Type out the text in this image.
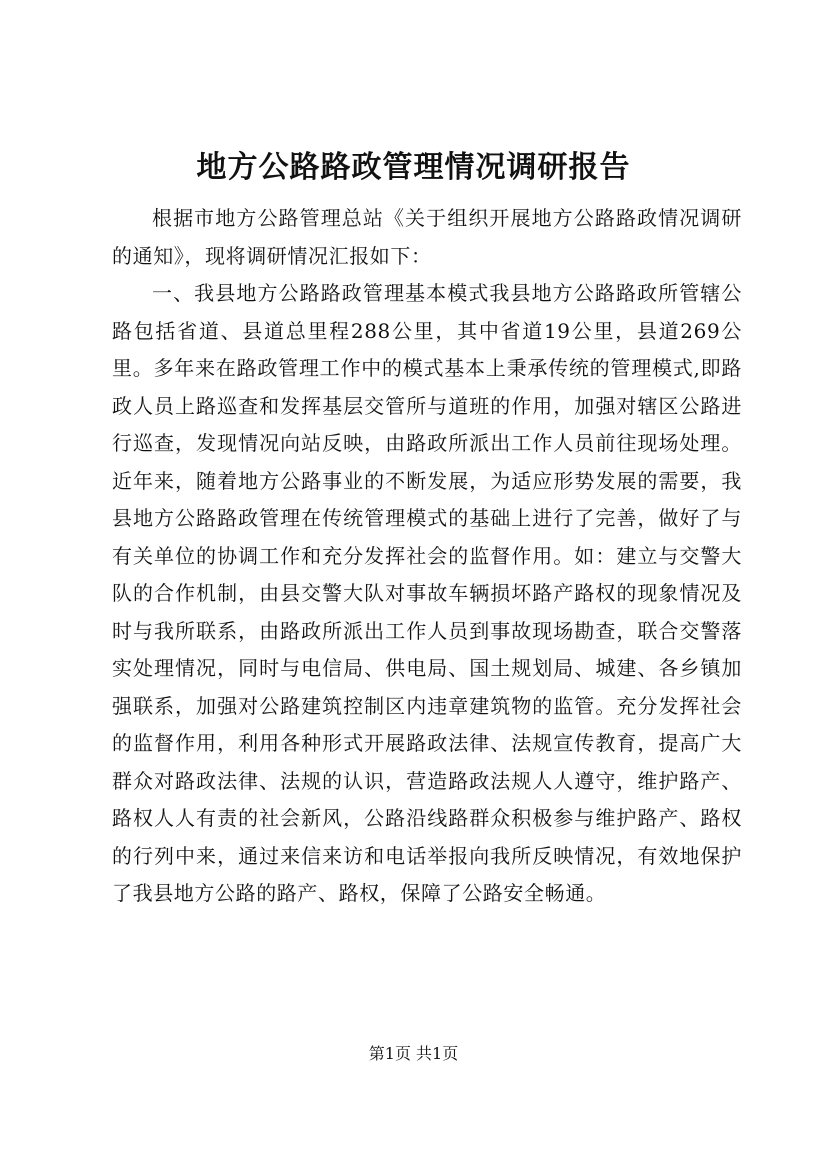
地方公路路政管理情况调研报告

根据市地方公路管理总站《关于组织开展地方公路路政情况调研的通知》，现将调研情况汇报如下：

一、我县地方公路路政管理基本模式我县地方公路路政所管辖公路包括省道、县道总里程288公里，其中省道19公里，县道269公里。多年来在路政管理工作中的模式基本上秉承传统的管理模式,即路政人员上路巡查和发挥基层交管所与道班的作用，加强对辖区公路进行巡查，发现情况向站反映，由路政所派出工作人员前往现场处理。近年来，随着地方公路事业的不断发展，为适应形势发展的需要，我县地方公路路政管理在传统管理模式的基础上进行了完善，做好了与有关单位的协调工作和充分发挥社会的监督作用。如：建立与交警大队的合作机制，由县交警大队对事故车辆损坏路产路权的现象情况及时与我所联系，由路政所派出工作人员到事故现场勘查，联合交警落实处理情况，同时与电信局、供电局、国土规划局、城建、各乡镇加强联系，加强对公路建筑控制区内违章建筑物的监管。充分发挥社会的监督作用，利用各种形式开展路政法律、法规宣传教育，提高广大群众对路政法律、法规的认识，营造路政法规人人遵守，维护路产、路权人人有责的社会新风，公路沿线路群众积极参与维护路产、路权的行列中来，通过来信来访和电话举报向我所反映情况，有效地保护了我县地方公路的路产、路权，保障了公路安全畅通。

第1页 共1页
